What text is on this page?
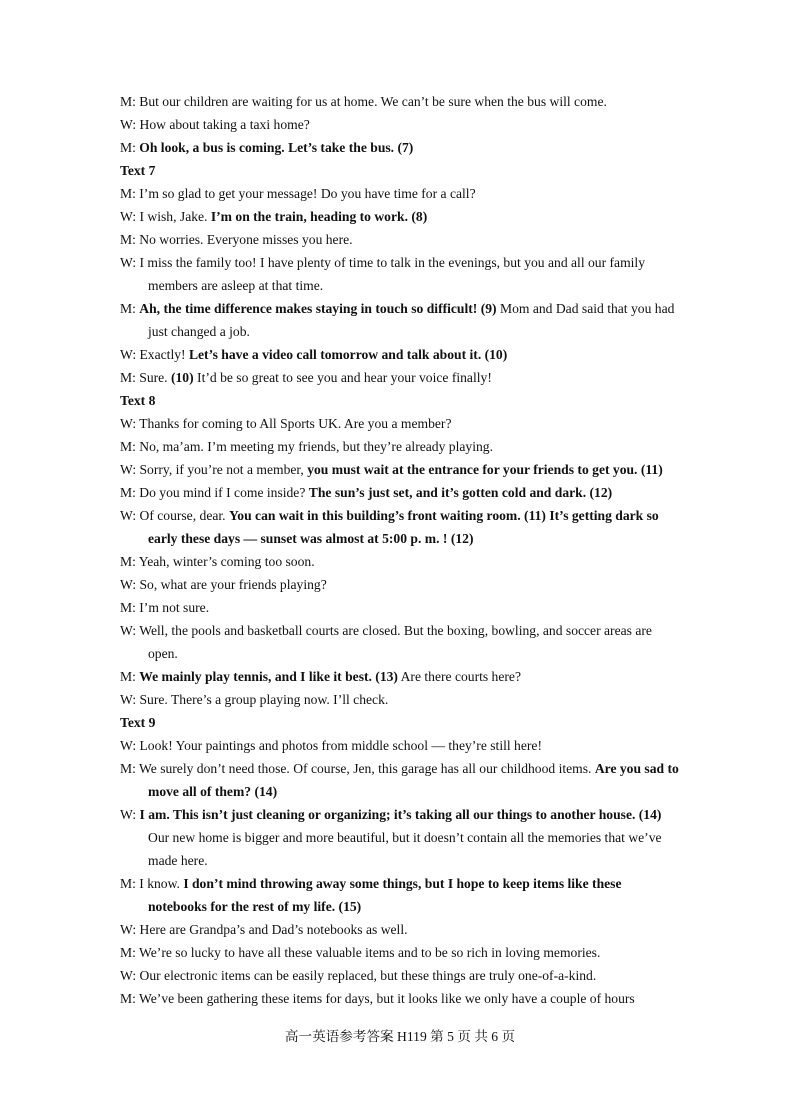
M: But our children are waiting for us at home. We can’t be sure when the bus will come.
W: How about taking a taxi home?
M: Oh look, a bus is coming. Let’s take the bus. (7)
Text 7
M: I’m so glad to get your message! Do you have time for a call?
W: I wish, Jake. I’m on the train, heading to work. (8)
M: No worries. Everyone misses you here.
W: I miss the family too! I have plenty of time to talk in the evenings, but you and all our family members are asleep at that time.
M: Ah, the time difference makes staying in touch so difficult! (9) Mom and Dad said that you had just changed a job.
W: Exactly! Let’s have a video call tomorrow and talk about it. (10)
M: Sure. (10) It’d be so great to see you and hear your voice finally!
Text 8
W: Thanks for coming to All Sports UK. Are you a member?
M: No, ma’am. I’m meeting my friends, but they’re already playing.
W: Sorry, if you’re not a member, you must wait at the entrance for your friends to get you. (11)
M: Do you mind if I come inside? The sun’s just set, and it’s gotten cold and dark. (12)
W: Of course, dear. You can wait in this building’s front waiting room. (11) It’s getting dark so early these days — sunset was almost at 5:00 p. m. ! (12)
M: Yeah, winter’s coming too soon.
W: So, what are your friends playing?
M: I’m not sure.
W: Well, the pools and basketball courts are closed. But the boxing, bowling, and soccer areas are open.
M: We mainly play tennis, and I like it best. (13) Are there courts here?
W: Sure. There’s a group playing now. I’ll check.
Text 9
W: Look! Your paintings and photos from middle school — they’re still here!
M: We surely don’t need those. Of course, Jen, this garage has all our childhood items. Are you sad to move all of them? (14)
W: I am. This isn’t just cleaning or organizing; it’s taking all our things to another house. (14) Our new home is bigger and more beautiful, but it doesn’t contain all the memories that we’ve made here.
M: I know. I don’t mind throwing away some things, but I hope to keep items like these notebooks for the rest of my life. (15)
W: Here are Grandpa’s and Dad’s notebooks as well.
M: We’re so lucky to have all these valuable items and to be so rich in loving memories.
W: Our electronic items can be easily replaced, but these things are truly one-of-a-kind.
M: We’ve been gathering these items for days, but it looks like we only have a couple of hours
高一英语参考答案 H119 第 5 页 共 6 页
